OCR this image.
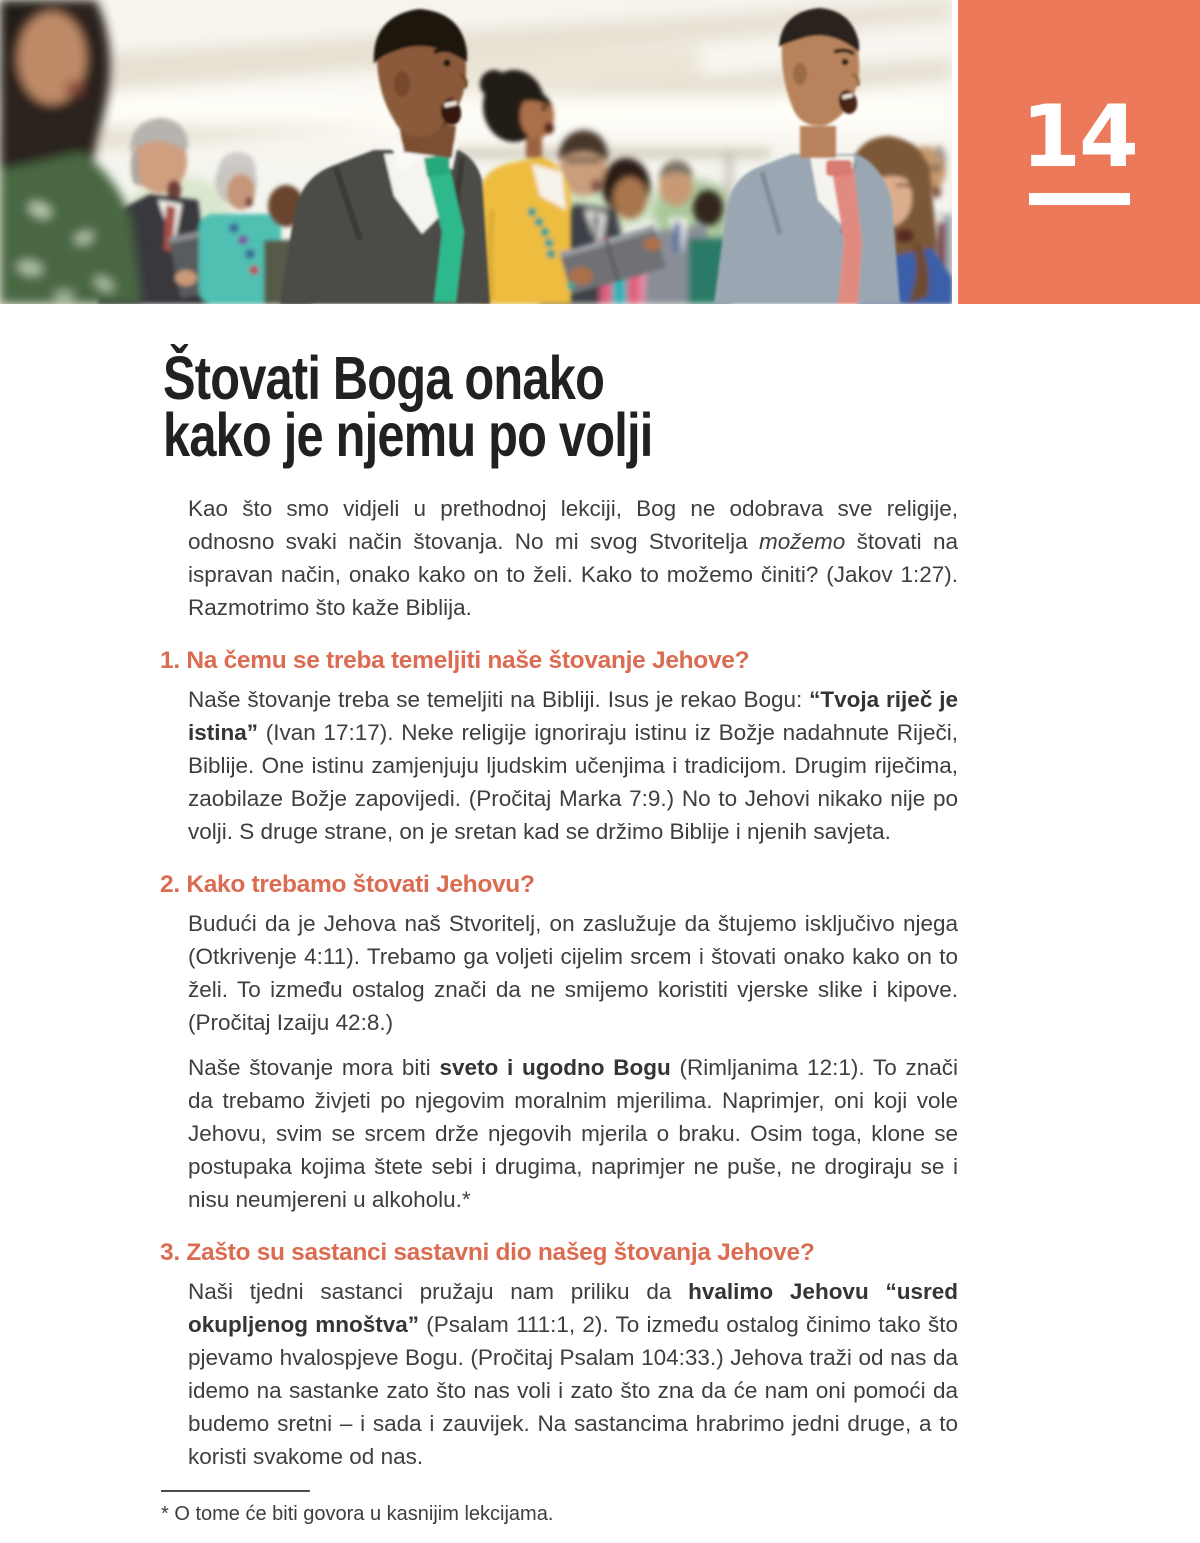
14
Štovati Boga onako
kako je njemu po volji

Kao što smo vidjeli u prethodnoj lekciji, Bog ne odobrava sve religije, odnosno svaki način štovanja. No mi svog Stvoritelja možemo štovati na ispravan način, onako kako on to želi. Kako to možemo činiti? (Jakov 1:27). Razmotrimo što kaže Biblija.

1. Na čemu se treba temeljiti naše štovanje Jehove?

Naše štovanje treba se temeljiti na Bibliji. Isus je rekao Bogu: “Tvoja riječ je istina” (Ivan 17:17). Neke religije ignoriraju istinu iz Božje nadahnute Riječi, Biblije. One istinu zamjenjuju ljudskim učenjima i tradicijom. Drugim riječima, zaobilaze Božje zapovijedi. (Pročitaj Marka 7:9.) No to Jehovi nikako nije po volji. S druge strane, on je sretan kad se držimo Biblije i njenih savjeta.

2. Kako trebamo štovati Jehovu?

Budući da je Jehova naš Stvoritelj, on zaslužuje da štujemo isključivo njega (Otkrivenje 4:11). Trebamo ga voljeti cijelim srcem i štovati onako kako on to želi. To između ostalog znači da ne smijemo koristiti vjerske slike i kipove. (Pročitaj Izaiju 42:8.)

Naše štovanje mora biti sveto i ugodno Bogu (Rimljanima 12:1). To znači da trebamo živjeti po njegovim moralnim mjerilima. Naprimjer, oni koji vole Jehovu, svim se srcem drže njegovih mjerila o braku. Osim toga, klone se postupaka kojima štete sebi i drugima, naprimjer ne puše, ne drogiraju se i nisu neumjereni u alkoholu.*

3. Zašto su sastanci sastavni dio našeg štovanja Jehove?

Naši tjedni sastanci pružaju nam priliku da hvalimo Jehovu “usred okupljenog mnoštva” (Psalam 111:1, 2). To između ostalog činimo tako što pjevamo hvalospjeve Bogu. (Pročitaj Psalam 104:33.) Jehova traži od nas da idemo na sastanke zato što nas voli i zato što zna da će nam oni pomoći da budemo sretni – i sada i zauvijek. Na sastancima hrabrimo jedni druge, a to koristi svakome od nas.

* O tome će biti govora u kasnijim lekcijama.
